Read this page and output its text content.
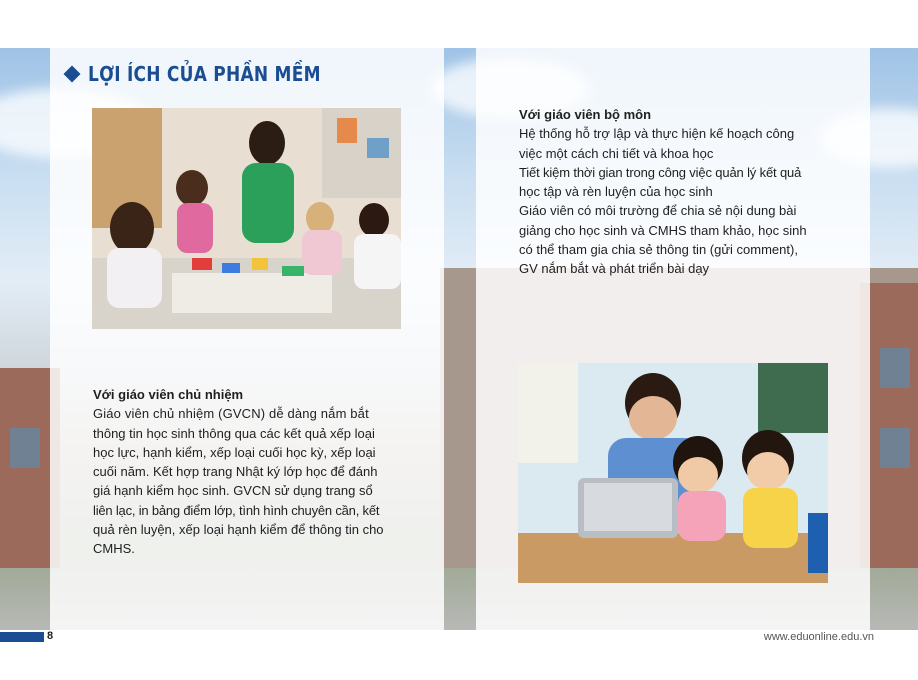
LỢI ÍCH CỦA PHẦN MỀM
Với giáo viên chủ nhiệm
Giáo viên chủ nhiệm (GVCN) dễ dàng nắm bắt
thông tin học sinh thông qua các kết quả xếp loại
học lực, hạnh kiểm, xếp loại cuối học kỳ, xếp loại
cuối năm. Kết hợp trang Nhật ký lớp học để đánh
giá hạnh kiểm học sinh. GVCN sử dụng trang sổ
liên lạc, in bảng điểm lớp, tình hình chuyên cần, kết
quả rèn luyện, xếp loại hạnh kiểm để thông tin cho
CMHS.
Với giáo viên bộ môn
Hệ thống hỗ trợ lập và thực hiện kế hoạch công
việc một cách chi tiết và khoa học
Tiết kiệm thời gian trong công việc quản lý kết quả
học tập và rèn luyện của học sinh
Giáo viên có môi trường để chia sẻ nội dung bài
giảng cho học sinh và CMHS tham khảo, học sinh
có thể tham gia chia sẻ thông tin (gửi comment),
GV nắm bắt và phát triển bài dạy
8	www.eduonline.edu.vn
